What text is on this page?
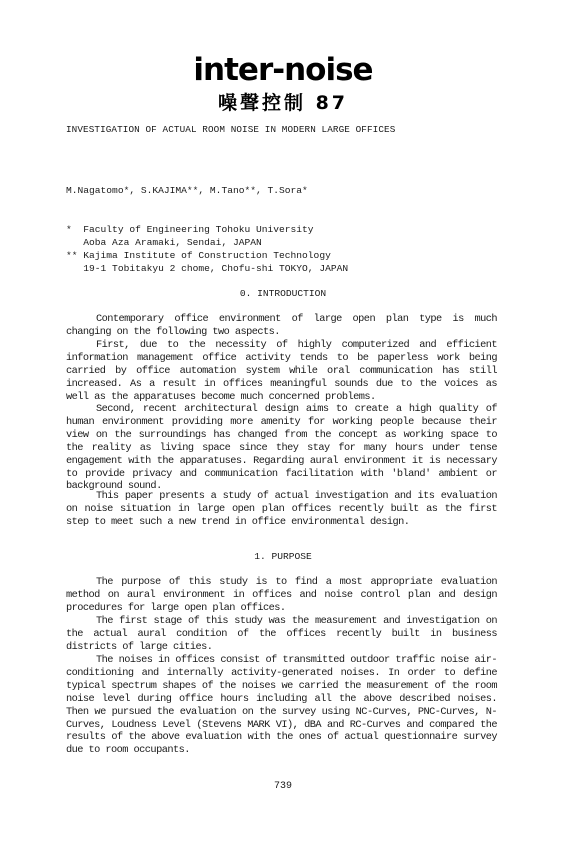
inter-noise
噪聲控制 87
INVESTIGATION OF ACTUAL ROOM NOISE IN MODERN LARGE OFFICES
M.Nagatomo*, S.KAJIMA**, M.Tano**, T.Sora*
*  Faculty of Engineering Tohoku University
Aoba Aza Aramaki, Sendai, JAPAN
** Kajima Institute of Construction Technology
19-1 Tobitakyu 2 chome, Chofu-shi TOKYO, JAPAN
0. INTRODUCTION
Contemporary office environment of large open plan type is much changing on the following two aspects.
First, due to the necessity of highly computerized and efficient information management office activity tends to be paperless work being carried by office automation system while oral communication has still increased. As a result in offices meaningful sounds due to the voices as well as the apparatuses become much concerned problems.
Second, recent architectural design aims to create a high quality of human environment providing more amenity for working people because their view on the surroundings has changed from the concept as working space to the reality as living space since they stay for many hours under tense engagement with the apparatuses. Regarding aural environment it is necessary to provide privacy and communication facilitation with 'bland' ambient or background sound.
This paper presents a study of actual investigation and its evaluation on noise situation in large open plan offices recently built as the first step to meet such a new trend in office environmental design.
1. PURPOSE
The purpose of this study is to find a most appropriate evaluation method on aural environment in offices and noise control plan and design procedures for large open plan offices.
The first stage of this study was the measurement and investigation on the actual aural condition of the offices recently built in business districts of large cities.
The noises in offices consist of transmitted outdoor traffic noise air-conditioning and internally activity-generated noises. In order to define typical spectrum shapes of the noises we carried the measurement of the room noise level during office hours including all the above described noises. Then we pursued the evaluation on the survey using NC-Curves, PNC-Curves, N-Curves, Loudness Level (Stevens MARK VI), dBA and RC-Curves and compared the results of the above evaluation with the ones of actual questionnaire survey due to room occupants.
739
